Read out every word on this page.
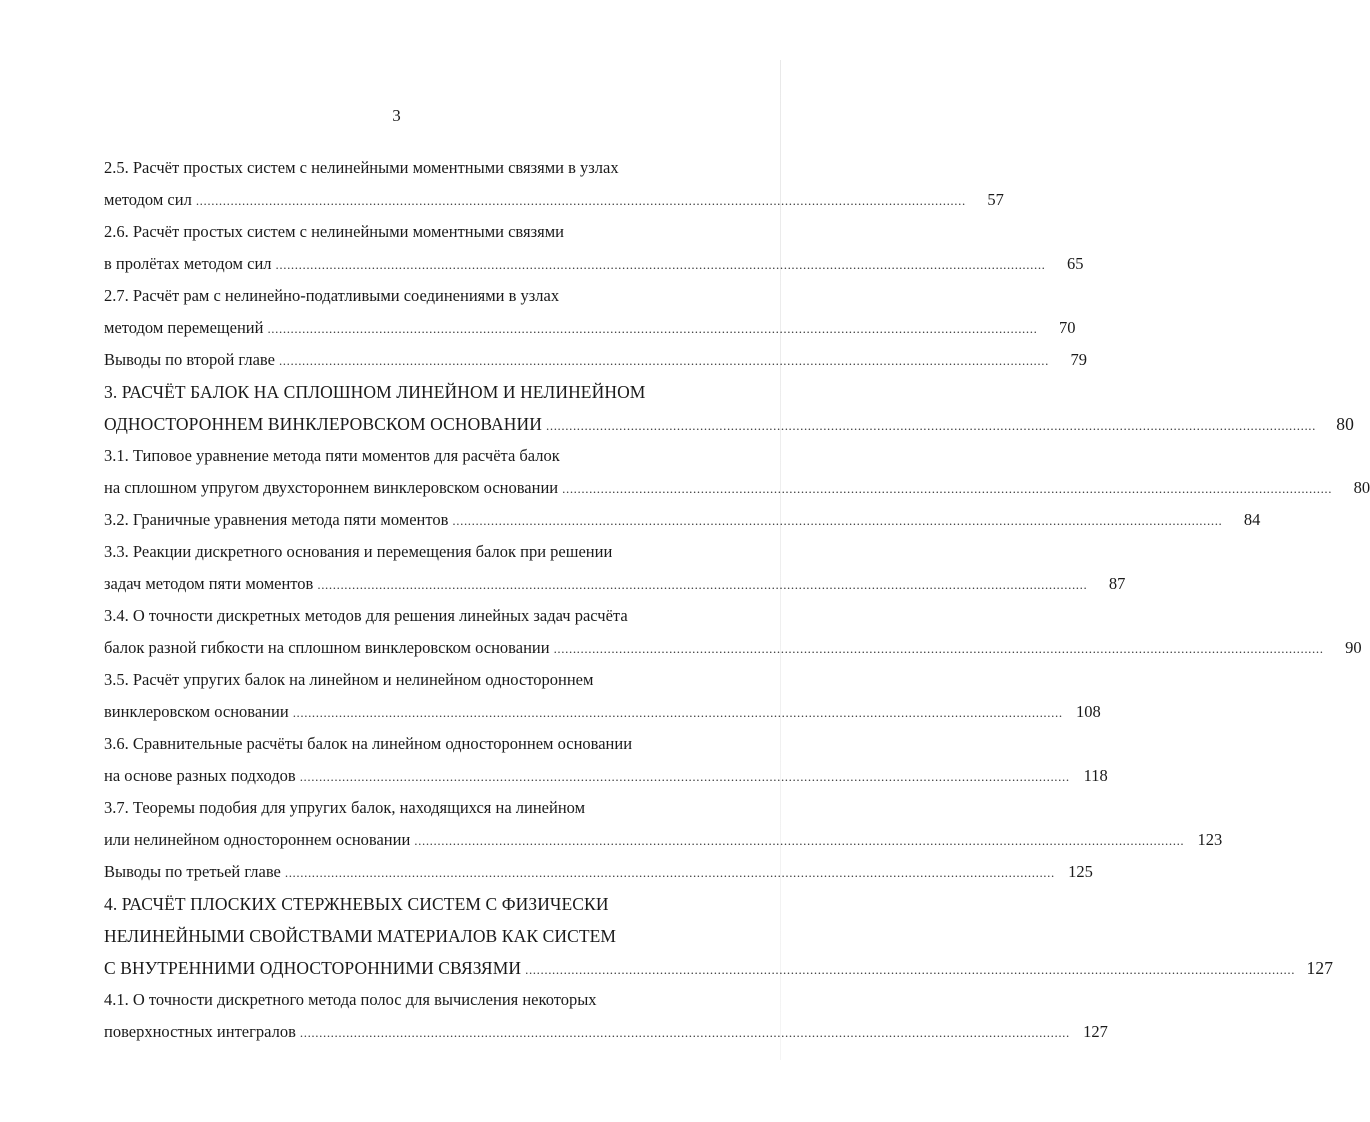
3
2.5. Расчёт простых систем с нелинейными моментными связями в узлах
методом сил ........................................................................................................................................................................................................	57
2.6. Расчёт простых систем с нелинейными моментными связями
в пролётах методом сил ........................................................................................................................................................................................................	65
2.7. Расчёт рам с нелинейно-податливыми соединениями в узлах
методом перемещений ........................................................................................................................................................................................................	70
Выводы по второй главе ........................................................................................................................................................................................................	79
3. РАСЧЁТ БАЛОК НА СПЛОШНОМ ЛИНЕЙНОМ И НЕЛИНЕЙНОМ
ОДНОСТОРОННЕМ ВИНКЛЕРОВСКОМ ОСНОВАНИИ ........................................................................................................................................................................................................	80
3.1. Типовое уравнение метода пяти моментов для расчёта балок
на сплошном упругом двухстороннем винклеровском основании ........................................................................................................................................................................................................	80
3.2. Граничные уравнения метода пяти моментов ........................................................................................................................................................................................................	84
3.3. Реакции дискретного основания и перемещения балок при решении
задач методом пяти моментов ........................................................................................................................................................................................................	87
3.4. О точности дискретных методов для решения линейных задач расчёта
балок разной гибкости на сплошном винклеровском основании ........................................................................................................................................................................................................	90
3.5. Расчёт упругих балок на линейном и нелинейном одностороннем
винклеровском основании ........................................................................................................................................................................................................ 108
3.6. Сравнительные расчёты балок на линейном одностороннем основании
на основе разных подходов ........................................................................................................................................................................................................ 118
3.7. Теоремы подобия для упругих балок, находящихся на линейном
или нелинейном одностороннем основании ........................................................................................................................................................................................................ 123
Выводы по третьей главе ........................................................................................................................................................................................................ 125
4. РАСЧЁТ ПЛОСКИХ СТЕРЖНЕВЫХ СИСТЕМ С ФИЗИЧЕСКИ
НЕЛИНЕЙНЫМИ СВОЙСТВАМИ МАТЕРИАЛОВ КАК СИСТЕМ
С ВНУТРЕННИМИ ОДНОСТОРОННИМИ СВЯЗЯМИ ........................................................................................................................................................................................................ 127
4.1. О точности дискретного метода полос для вычисления некоторых
поверхностных интегралов ........................................................................................................................................................................................................ 127
